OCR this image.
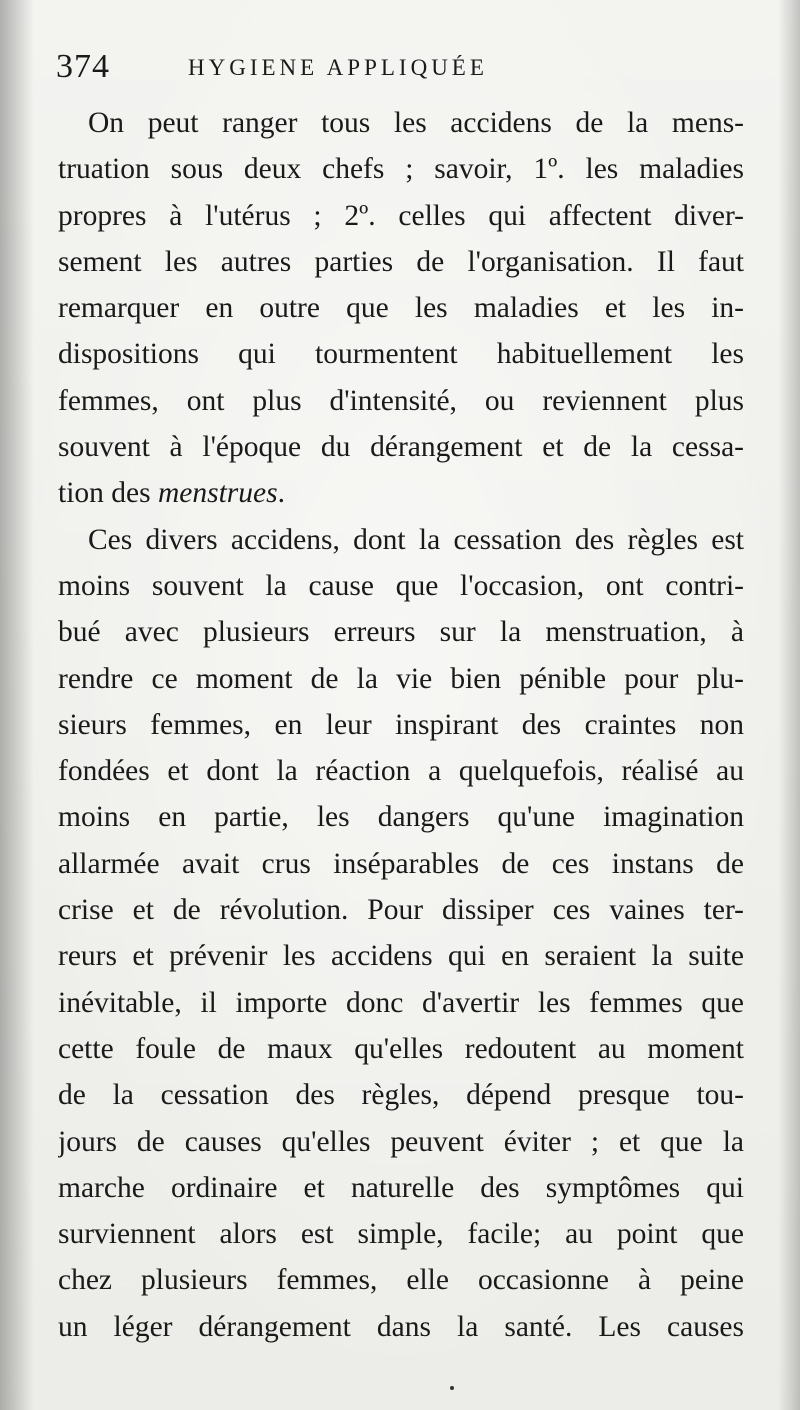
374	HYGIENE APPLIQUÉE
On peut ranger tous les accidens de la mens-
truation sous deux chefs ; savoir, 1º. les maladies
propres à l'utérus ; 2º. celles qui affectent diver-
sement les autres parties de l'organisation. Il faut
remarquer en outre que les maladies et les in-
dispositions qui tourmentent habituellement les
femmes, ont plus d'intensité, ou reviennent plus
souvent à l'époque du dérangement et de la cessa-
tion des menstrues.
Ces divers accidens, dont la cessation des règles est
moins souvent la cause que l'occasion, ont contri-
bué avec plusieurs erreurs sur la menstruation, à
rendre ce moment de la vie bien pénible pour plu-
sieurs femmes, en leur inspirant des craintes non
fondées et dont la réaction a quelquefois, réalisé au
moins en partie, les dangers qu'une imagination
allarmée avait crus inséparables de ces instans de
crise et de révolution. Pour dissiper ces vaines ter-
reurs et prévenir les accidens qui en seraient la suite
inévitable, il importe donc d'avertir les femmes que
cette foule de maux qu'elles redoutent au moment
de la cessation des règles, dépend presque tou-
jours de causes qu'elles peuvent éviter ; et que la
marche ordinaire et naturelle des symptômes qui
surviennent alors est simple, facile; au point que
chez plusieurs femmes, elle occasionne à peine
un léger dérangement dans la santé. Les causes
